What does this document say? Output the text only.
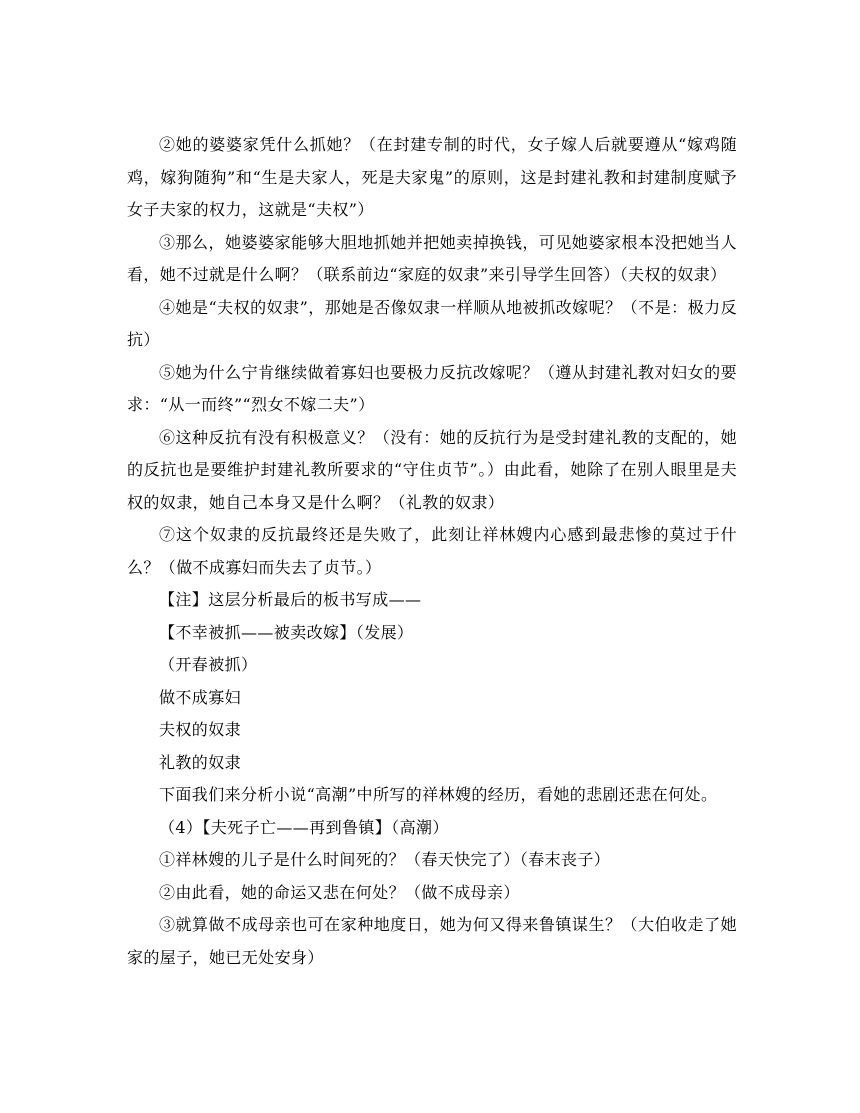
②她的婆婆家凭什么抓她？（在封建专制的时代，女子嫁人后就要遵从“嫁鸡随鸡，嫁狗随狗”和“生是夫家人，死是夫家鬼”的原则，这是封建礼教和封建制度赋予女子夫家的权力，这就是“夫权”）

③那么，她婆婆家能够大胆地抓她并把她卖掉换钱，可见她婆家根本没把她当人看，她不过就是什么啊？（联系前边“家庭的奴隶”来引导学生回答）（夫权的奴隶）

④她是“夫权的奴隶”，那她是否像奴隶一样顺从地被抓改嫁呢？（不是：极力反抗）

⑤她为什么宁肯继续做着寡妇也要极力反抗改嫁呢？（遵从封建礼教对妇女的要求：“从一而终”“烈女不嫁二夫”）

⑥这种反抗有没有积极意义？（没有：她的反抗行为是受封建礼教的支配的，她的反抗也是要维护封建礼教所要求的“守住贞节”。）由此看，她除了在别人眼里是夫权的奴隶，她自己本身又是什么啊？（礼教的奴隶）

⑦这个奴隶的反抗最终还是失败了，此刻让祥林嫂内心感到最悲惨的莫过于什么？（做不成寡妇而失去了贞节。）

【注】这层分析最后的板书写成——

【不幸被抓——被卖改嫁】（发展）

（开春被抓）

做不成寡妇

夫权的奴隶

礼教的奴隶

下面我们来分析小说“高潮”中所写的祥林嫂的经历，看她的悲剧还悲在何处。

（4）【夫死子亡——再到鲁镇】（高潮）

①祥林嫂的儿子是什么时间死的？（春天快完了）（春末丧子）

②由此看，她的命运又悲在何处？（做不成母亲）

③就算做不成母亲也可在家种地度日，她为何又得来鲁镇谋生？（大伯收走了她家的屋子，她已无处安身）
